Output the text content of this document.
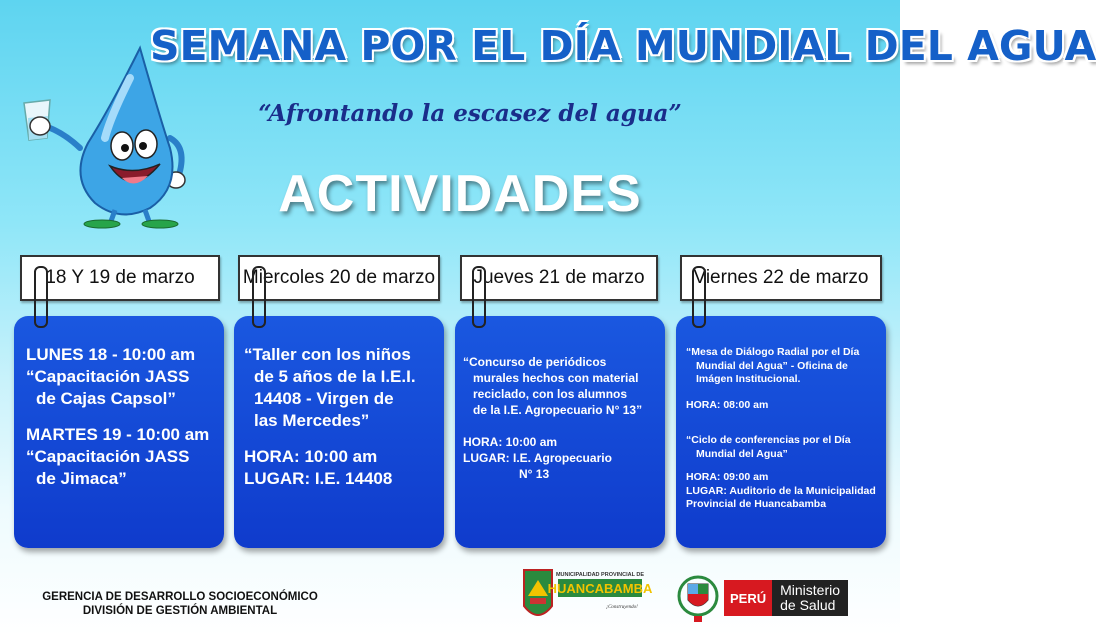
SEMANA POR EL DÍA MUNDIAL DEL AGUA
“Afrontando la escasez del agua”
ACTIVIDADES
18 Y 19 de marzo	Miercoles 20 de marzo	Jueves 21 de marzo	Viernes 22 de marzo

LUNES 18 - 10:00 am

“Capacitación JASS

de Cajas Capsol”

MARTES 19 - 10:00 am

“Capacitación JASS

de Jimaca”

“Taller con los niños

de 5 años de la I.E.I.

14408 - Virgen de

las Mercedes”

HORA: 10:00 am

LUGAR: I.E. 14408

“Concurso de periódicos

murales hechos con material

reciclado, con los alumnos

de la I.E. Agropecuario N° 13”

HORA: 10:00 am

LUGAR: I.E. Agropecuario

N° 13

“Mesa de Diálogo Radial por el Día

Mundial del Agua” - Oficina de

Imágen Institucional.

HORA: 08:00 am

“Ciclo de conferencias por el Día

Mundial del Agua”

HORA: 09:00 am

LUGAR: Auditorio de la Municipalidad

Provincial de Huancabamba

GERENCIA DE DESARROLLO SOCIOECONÓMICO
DIVISIÓN DE GESTIÓN AMBIENTAL
MUNICIPALIDAD PROVINCIAL DE
HUANCABAMBA
¡Construyendo!
PERÚ	Ministerio
de Salud
